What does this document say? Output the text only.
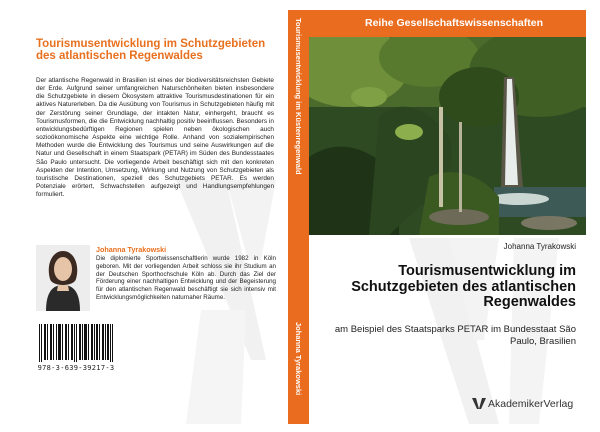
Tourismusentwicklung im Schutzgebieten des atlantischen Regenwaldes

Der atlantische Regenwald in Brasilien ist eines der biodiversitätsreichsten Gebiete der Erde. Aufgrund seiner umfangreichen Naturschönheiten bieten insbesondere die Schutzgebiete in diesem Ökosystem attraktive Tourismusdestinationen für ein aktives Naturerleben. Da die Ausübung von Tourismus in Schutzgebieten häufig mit der Zerstörung seiner Grundlage, der intakten Natur, einhergeht, braucht es Tourismusformen, die die Entwicklung nachhaltig positiv beeinflussen. Besonders in entwicklungsbedürftigen Regionen spielen neben ökologischen auch sozioökonomische Aspekte eine wichtige Rolle. Anhand von sozialempirischen Methoden wurde die Entwicklung des Tourismus und seine Auswirkungen auf die Natur und Gesellschaft in einem Staatspark (PETAR) im Süden des Bundesstaates São Paulo untersucht. Die vorliegende Arbeit beschäftigt sich mit den konkreten Aspekten der Intention, Umsetzung, Wirkung und Nutzung von Schutzgebieten als touristische Destinationen, speziell des Schutzgebiets PETAR. Es werden Potenziale erörtert, Schwachstellen aufgezeigt und Handlungsempfehlungen formuliert.

Johanna Tyrakowski

Die diplomierte Sportwissenschaftlerin wurde 1982 in Köln geboren. Mit der vorliegenden Arbeit schloss sie ihr Studium an der Deutschen Sporthochschule Köln ab. Durch das Ziel der Förderung einer nachhaltigen Entwicklung und der Begeisterung für den atlantischen Regenwald beschäftigt sie sich intensiv mit Entwicklungsmöglichkeiten naturnaher Räume.

978-3-639-39217-3

Tourismusentwicklung im Küstenregenwald

Johanna Tyrakowski

Reihe Gesellschaftswissenschaften

Johanna Tyrakowski

Tourismusentwicklung im Schutzgebieten des atlantischen Regenwaldes

am Beispiel des Staatsparks PETAR im Bundesstaat São Paulo, Brasilien

AkademikerVerlag
